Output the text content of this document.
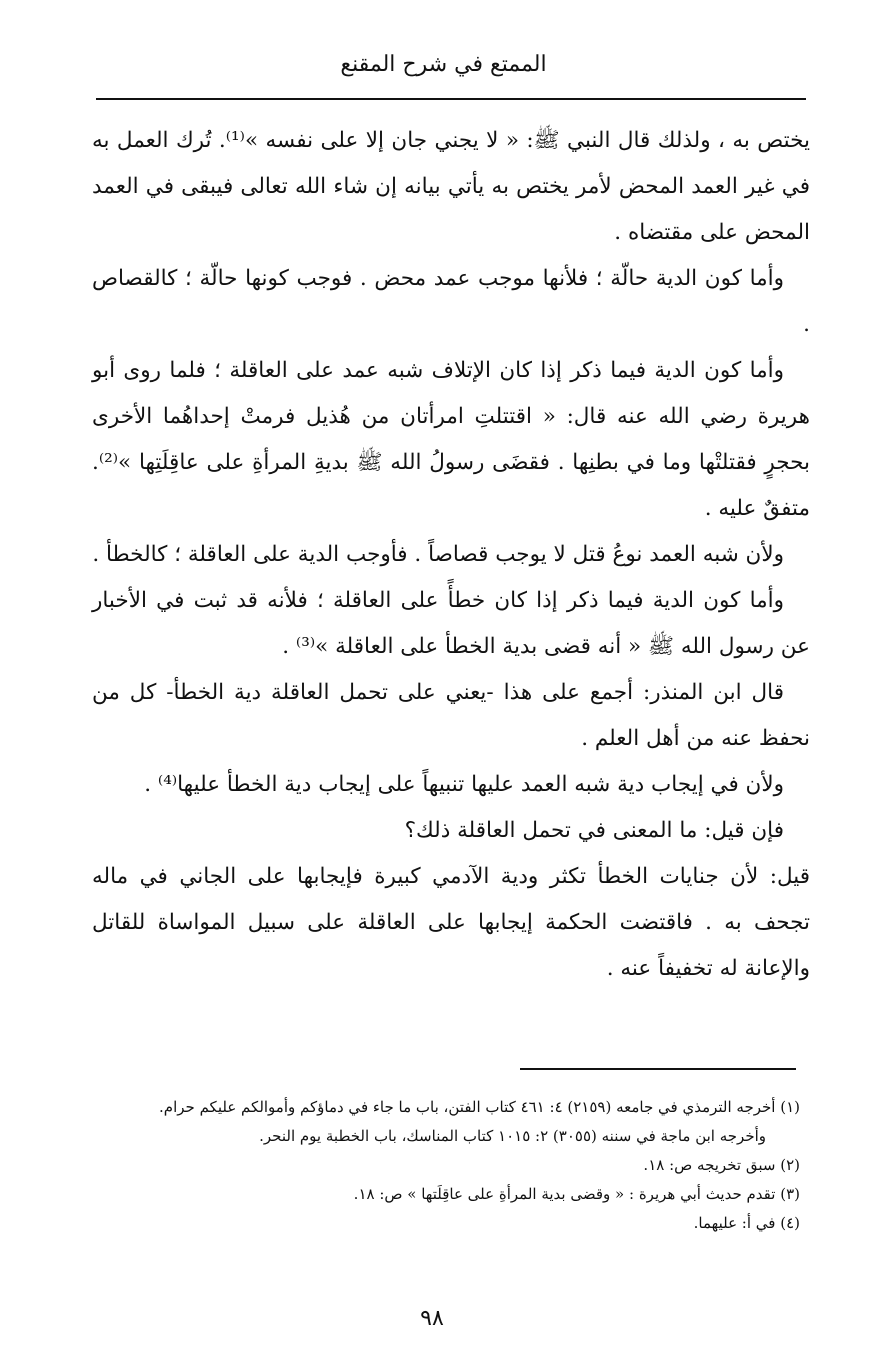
الممتع في شرح المقنع

يختص به ، ولذلك قال النبي ﷺ: « لا يجني جان إلا على نفسه »⁽¹⁾. تُرك العمل به في غير العمد المحض لأمر يختص به يأتي بيانه إن شاء الله تعالى فيبقى في العمد المحض على مقتضاه .

وأما كون الدية حالّة ؛ فلأنها موجب عمد محض . فوجب كونها حالّة ؛ كالقصاص .

وأما كون الدية فيما ذكر إذا كان الإتلاف شبه عمد على العاقلة ؛ فلما روى أبو هريرة رضي الله عنه قال: « اقتتلتِ امرأتان من هُذيل فرمتْ إحداهُما الأخرى بحجرٍ فقتلتْها وما في بطنِها . فقضَى رسولُ الله ﷺ بديةِ المرأةِ على عاقِلَتِها »⁽²⁾. متفقٌ عليه .

ولأن شبه العمد نوعُ قتل لا يوجب قصاصاً . فأوجب الدية على العاقلة ؛ كالخطأ .

وأما كون الدية فيما ذكر إذا كان خطأً على العاقلة ؛ فلأنه قد ثبت في الأخبار عن رسول الله ﷺ « أنه قضى بدية الخطأ على العاقلة »⁽³⁾ .

قال ابن المنذر: أجمع على هذا -يعني على تحمل العاقلة دية الخطأ- كل من نحفظ عنه من أهل العلم .

ولأن في إيجاب دية شبه العمد عليها تنبيهاً على إيجاب دية الخطأ عليها⁽⁴⁾ .

فإن قيل: ما المعنى في تحمل العاقلة ذلك؟

قيل: لأن جنايات الخطأ تكثر ودية الآدمي كبيرة فإيجابها على الجاني في ماله تجحف به . فاقتضت الحكمة إيجابها على العاقلة على سبيل المواساة للقاتل والإعانة له تخفيفاً عنه .

(١) أخرجه الترمذي في جامعه (٢١٥٩) ٤: ٤٦١ كتاب الفتن، باب ما جاء في دماؤكم وأموالكم عليكم حرام.

وأخرجه ابن ماجة في سننه (٣٠٥٥) ٢: ١٠١٥ كتاب المناسك، باب الخطبة يوم النحر.

(٢) سبق تخريجه ص: ١٨.

(٣) تقدم حديث أبي هريرة : « وقضى بدية المرأةِ على عاقِلَتها » ص: ١٨.

(٤) في أ: عليهما.

٩٨
